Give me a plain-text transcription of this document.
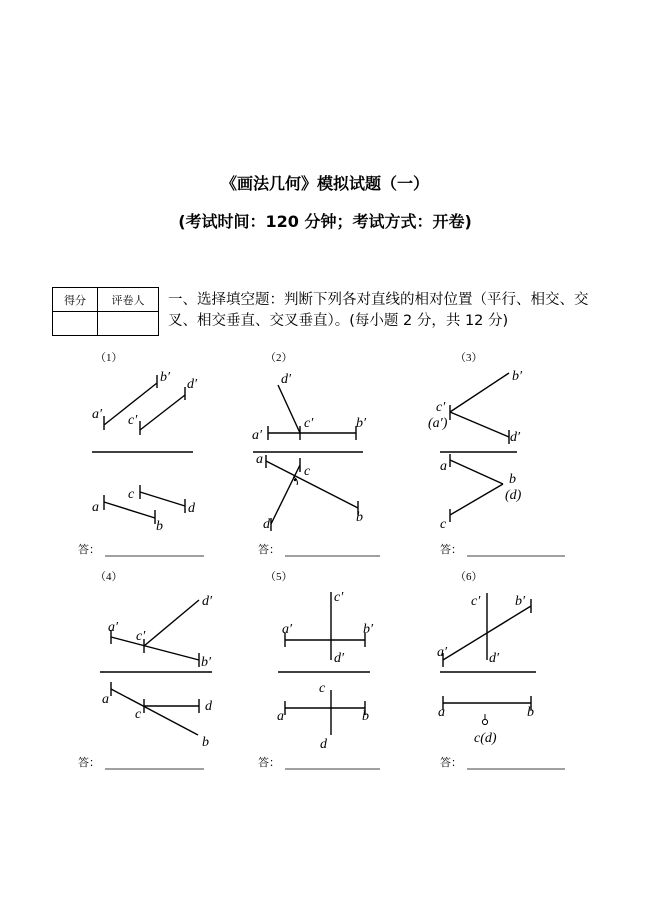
《画法几何》模拟试题（一）
(考试时间：120 分钟；考试方式：开卷)
得分	评卷人
	一、选择填空题：判断下列各对直线的相对位置（平行、相交、交叉、相交垂直、交叉垂直）。(每小题 2 分，共 12 分)
（1）
a′
b′
c′
d′
a
b
c
d
答：
（2）
d′
a′
c′	b′
a
c
b
d
答：
（3）
c′
(a′)
b′
d′
a
b
(d)
c
答：
（4）
a′
c′
d′
b′
a
c
d
b
答：
（5）
c′
a′	b′
d′
c
a	b
d
答：
（6）
c′ b′
a′	d′
a	b
c(d)
答：
